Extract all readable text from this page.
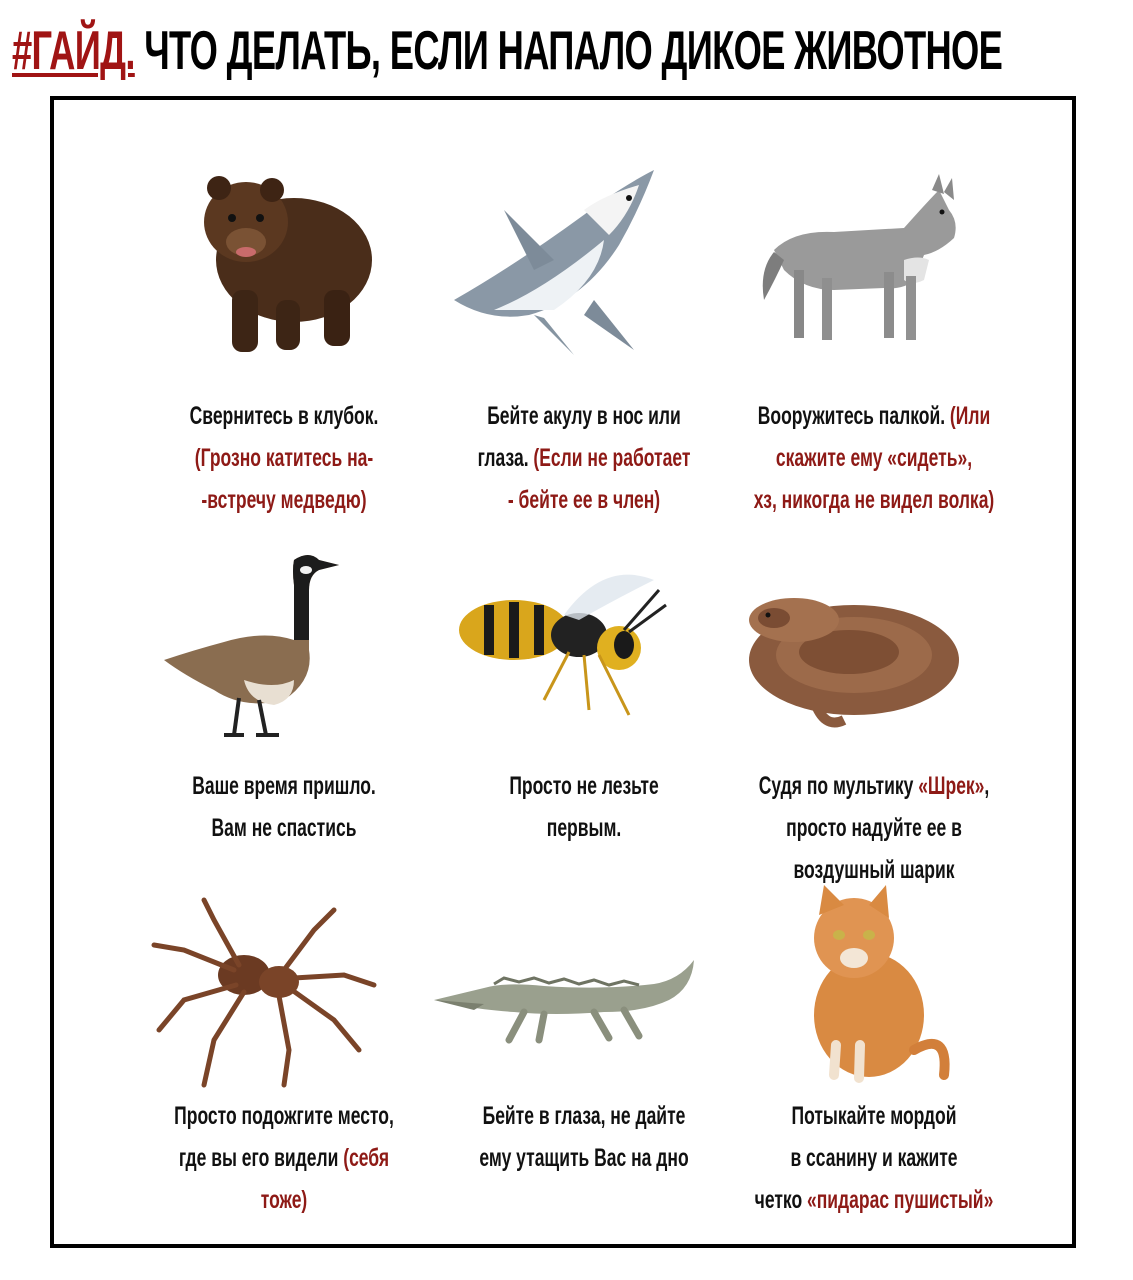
#ГАЙД. ЧТО ДЕЛАТЬ, ЕСЛИ НАПАЛО ДИКОЕ ЖИВОТНОЕ
Свернитесь в клубок.
(Грозно катитесь на-
-встречу медведю)
Бейте акулу в нос или
глаза. (Если не работает
- бейте ее в член)
Вооружитесь палкой. (Или
скажите ему «сидеть»,
хз, никогда не видел волка)
Ваше время пришло.
Вам не спастись
Просто не лезьте
первым.
Судя по мультику «Шрек»,
просто надуйте ее в
воздушный шарик
Просто подожгите место,
где вы его видели (себя
тоже)
Бейте в глаза, не дайте
ему утащить Вас на дно
Потыкайте мордой
в ссанину и кажите
четко «пидарас пушистый»
